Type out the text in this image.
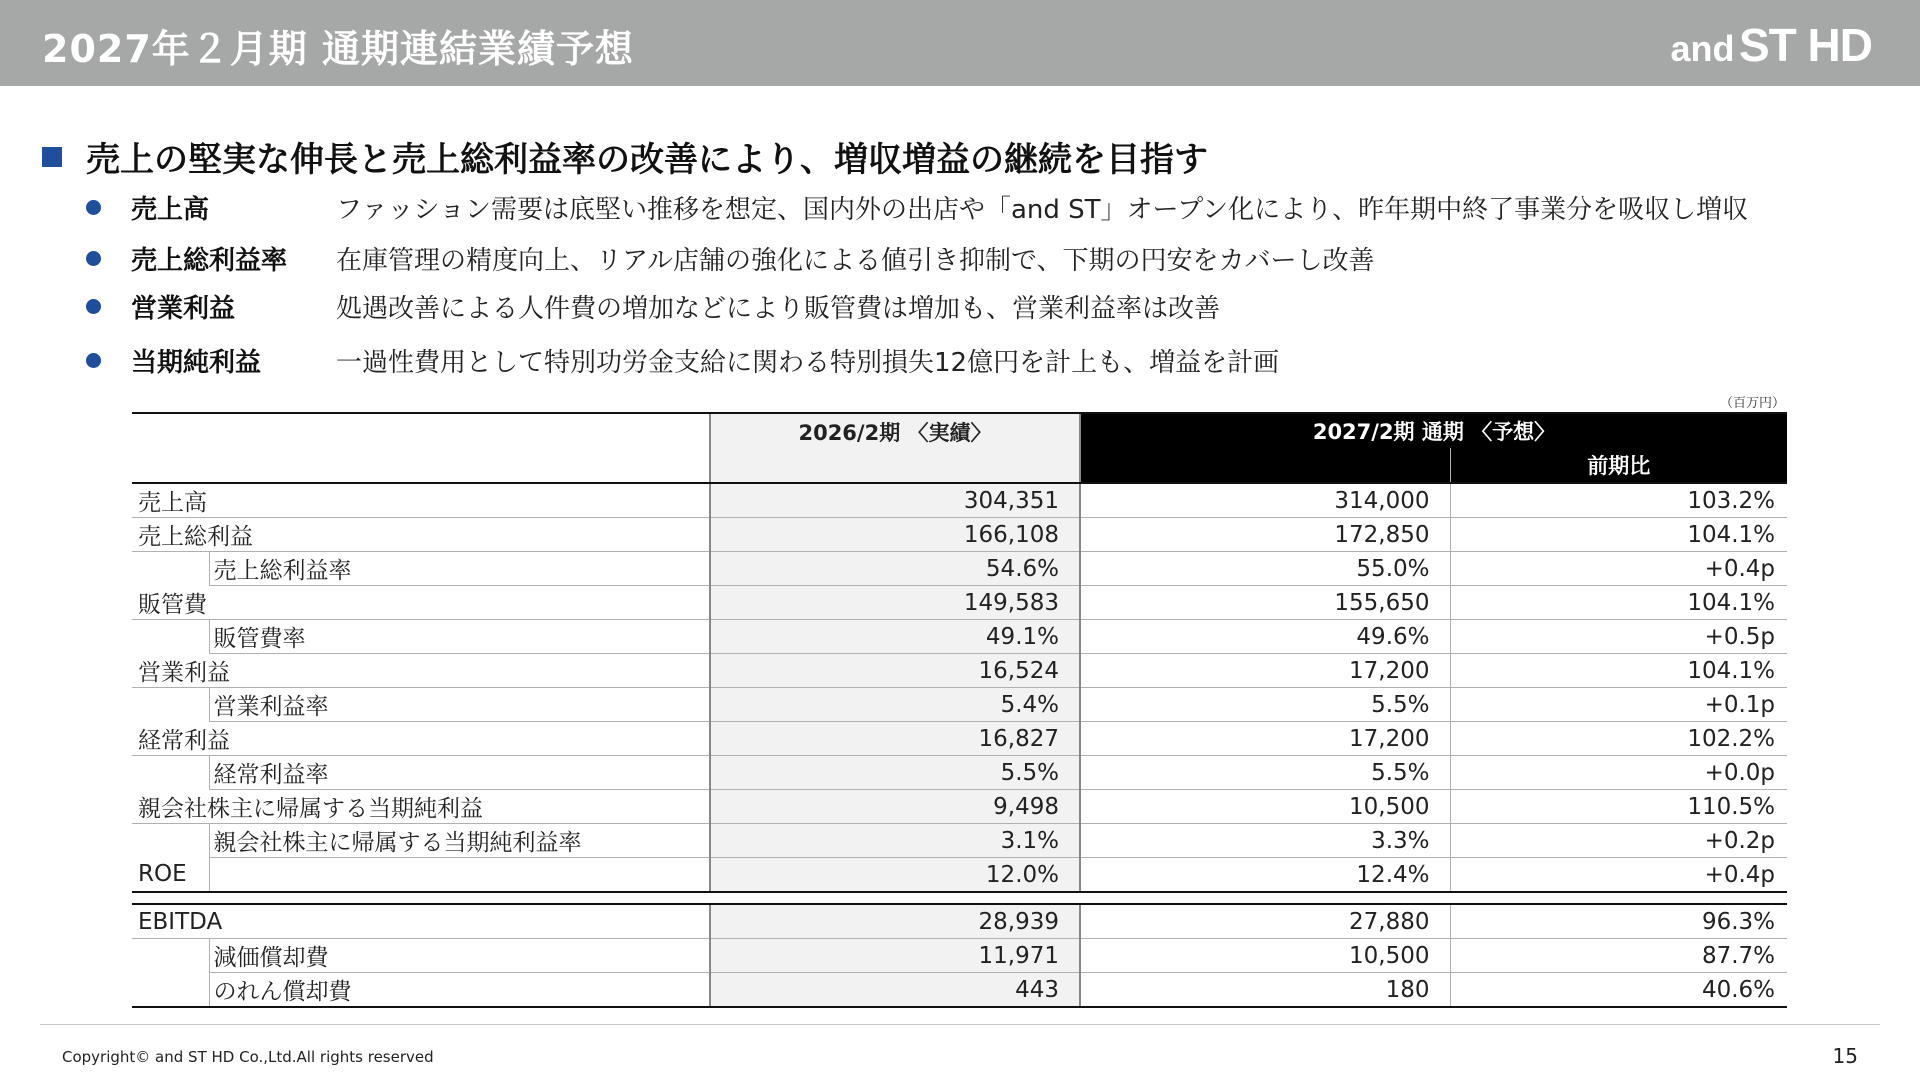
2027年２月期 通期連結業績予想	and ST HD
売上の堅実な伸長と売上総利益率の改善により、増収増益の継続を目指す
売上高	ファッション需要は底堅い推移を想定、国内外の出店や「and ST」オープン化により、昨年期中終了事業分を吸収し増収
売上総利益率	在庫管理の精度向上、リアル店舗の強化による値引き抑制で、下期の円安をカバーし改善
営業利益	処遇改善による人件費の増加などにより販管費は増加も、営業利益率は改善
当期純利益	一過性費用として特別功労金支給に関わる特別損失12億円を計上も、増益を計画
（百万円）
		2026/2期 〈実績〉	2027/2期 通期 〈予想〉	
				前期比
売上高		304,351	314,000	103.2%
売上総利益		166,108	172,850	104.1%
	売上総利益率	54.6%	55.0%	+0.4p
販管費		149,583	155,650	104.1%
	販管費率	49.1%	49.6%	+0.5p
営業利益		16,524	17,200	104.1%
	営業利益率	5.4%	5.5%	+0.1p
経常利益		16,827	17,200	102.2%
	経常利益率	5.5%	5.5%	+0.0p
親会社株主に帰属する当期純利益		9,498	10,500	110.5%
	親会社株主に帰属する当期純利益率	3.1%	3.3%	+0.2p
ROE		12.0%	12.4%	+0.4p

EBITDA		28,939	27,880	96.3%
	減価償却費	11,971	10,500	87.7%
	のれん償却費	443	180	40.6%
Copyright© and ST HD Co.,Ltd.All rights reserved	15
